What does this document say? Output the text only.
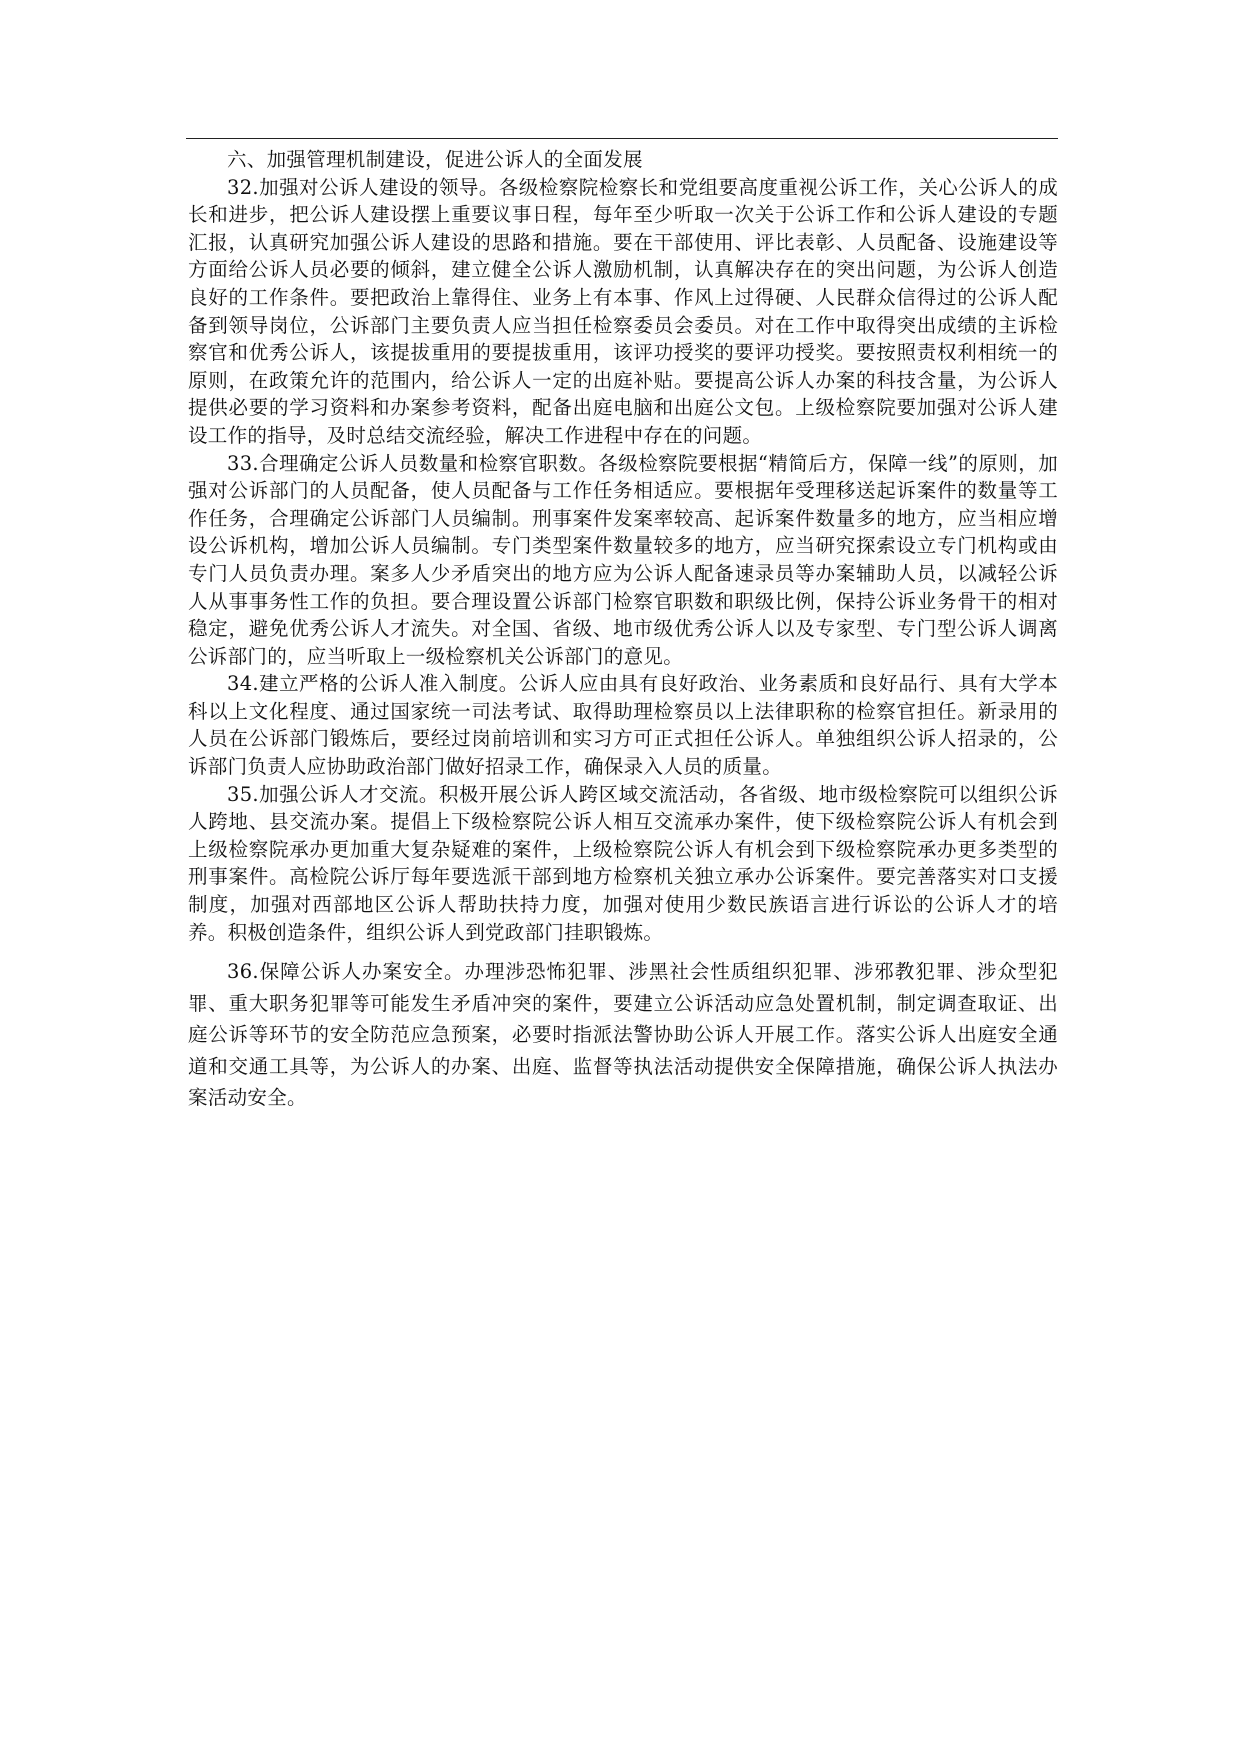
六、加强管理机制建设，促进公诉人的全面发展

32.加强对公诉人建设的领导。各级检察院检察长和党组要高度重视公诉工作，关心公诉人的成长和进步，把公诉人建设摆上重要议事日程，每年至少听取一次关于公诉工作和公诉人建设的专题汇报，认真研究加强公诉人建设的思路和措施。要在干部使用、评比表彰、人员配备、设施建设等方面给公诉人员必要的倾斜，建立健全公诉人激励机制，认真解决存在的突出问题，为公诉人创造良好的工作条件。要把政治上靠得住、业务上有本事、作风上过得硬、人民群众信得过的公诉人配备到领导岗位，公诉部门主要负责人应当担任检察委员会委员。对在工作中取得突出成绩的主诉检察官和优秀公诉人，该提拔重用的要提拔重用，该评功授奖的要评功授奖。要按照责权利相统一的原则，在政策允许的范围内，给公诉人一定的出庭补贴。要提高公诉人办案的科技含量，为公诉人提供必要的学习资料和办案参考资料，配备出庭电脑和出庭公文包。上级检察院要加强对公诉人建设工作的指导，及时总结交流经验，解决工作进程中存在的问题。

33.合理确定公诉人员数量和检察官职数。各级检察院要根据“精简后方，保障一线”的原则，加强对公诉部门的人员配备，使人员配备与工作任务相适应。要根据年受理移送起诉案件的数量等工作任务，合理确定公诉部门人员编制。刑事案件发案率较高、起诉案件数量多的地方，应当相应增设公诉机构，增加公诉人员编制。专门类型案件数量较多的地方，应当研究探索设立专门机构或由专门人员负责办理。案多人少矛盾突出的地方应为公诉人配备速录员等办案辅助人员，以减轻公诉人从事事务性工作的负担。要合理设置公诉部门检察官职数和职级比例，保持公诉业务骨干的相对稳定，避免优秀公诉人才流失。对全国、省级、地市级优秀公诉人以及专家型、专门型公诉人调离公诉部门的，应当听取上一级检察机关公诉部门的意见。

34.建立严格的公诉人准入制度。公诉人应由具有良好政治、业务素质和良好品行、具有大学本科以上文化程度、通过国家统一司法考试、取得助理检察员以上法律职称的检察官担任。新录用的人员在公诉部门锻炼后，要经过岗前培训和实习方可正式担任公诉人。单独组织公诉人招录的，公诉部门负责人应协助政治部门做好招录工作，确保录入人员的质量。

35.加强公诉人才交流。积极开展公诉人跨区域交流活动，各省级、地市级检察院可以组织公诉人跨地、县交流办案。提倡上下级检察院公诉人相互交流承办案件，使下级检察院公诉人有机会到上级检察院承办更加重大复杂疑难的案件，上级检察院公诉人有机会到下级检察院承办更多类型的刑事案件。高检院公诉厅每年要选派干部到地方检察机关独立承办公诉案件。要完善落实对口支援制度，加强对西部地区公诉人帮助扶持力度，加强对使用少数民族语言进行诉讼的公诉人才的培养。积极创造条件，组织公诉人到党政部门挂职锻炼。

36.保障公诉人办案安全。办理涉恐怖犯罪、涉黑社会性质组织犯罪、涉邪教犯罪、涉众型犯罪、重大职务犯罪等可能发生矛盾冲突的案件，要建立公诉活动应急处置机制，制定调查取证、出庭公诉等环节的安全防范应急预案，必要时指派法警协助公诉人开展工作。落实公诉人出庭安全通道和交通工具等，为公诉人的办案、出庭、监督等执法活动提供安全保障措施，确保公诉人执法办案活动安全。
